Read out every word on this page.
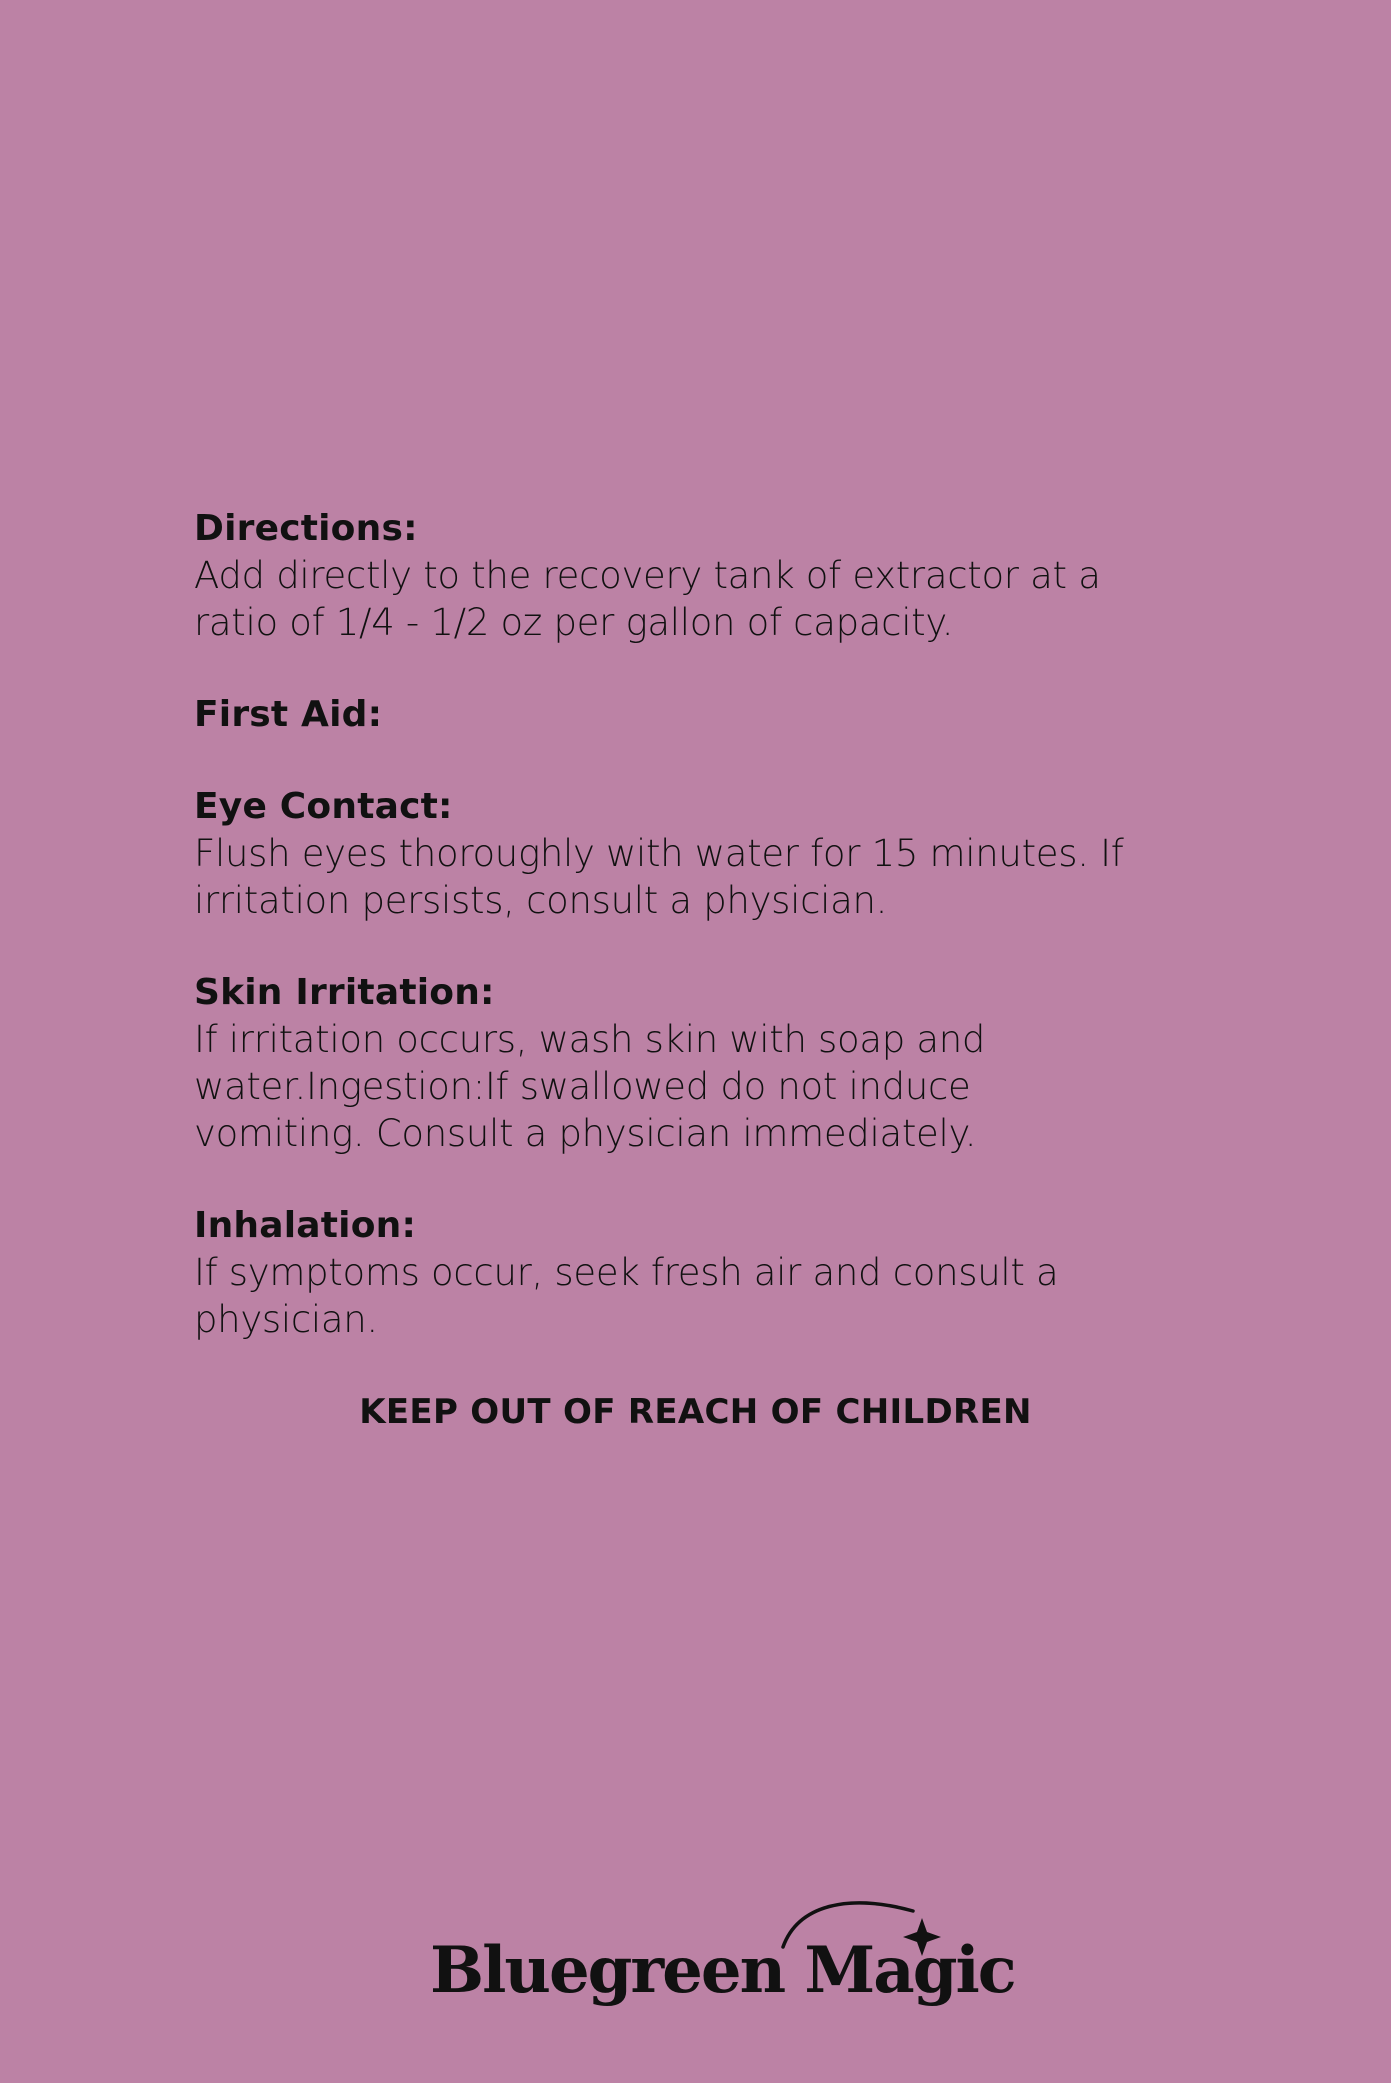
Directions:

Add directly to the recovery tank of extractor at a
ratio of 1/4 - 1/2 oz per gallon of capacity.

First Aid:

Eye Contact:

Flush eyes thoroughly with water for 15 minutes. If
irritation persists, consult a physician.

Skin Irritation:

If irritation occurs, wash skin with soap and
water.Ingestion:If swallowed do not induce
vomiting. Consult a physician immediately.

Inhalation:

If symptoms occur, seek fresh air and consult a
physician.

KEEP OUT OF REACH OF CHILDREN
Bluegreen Magic
